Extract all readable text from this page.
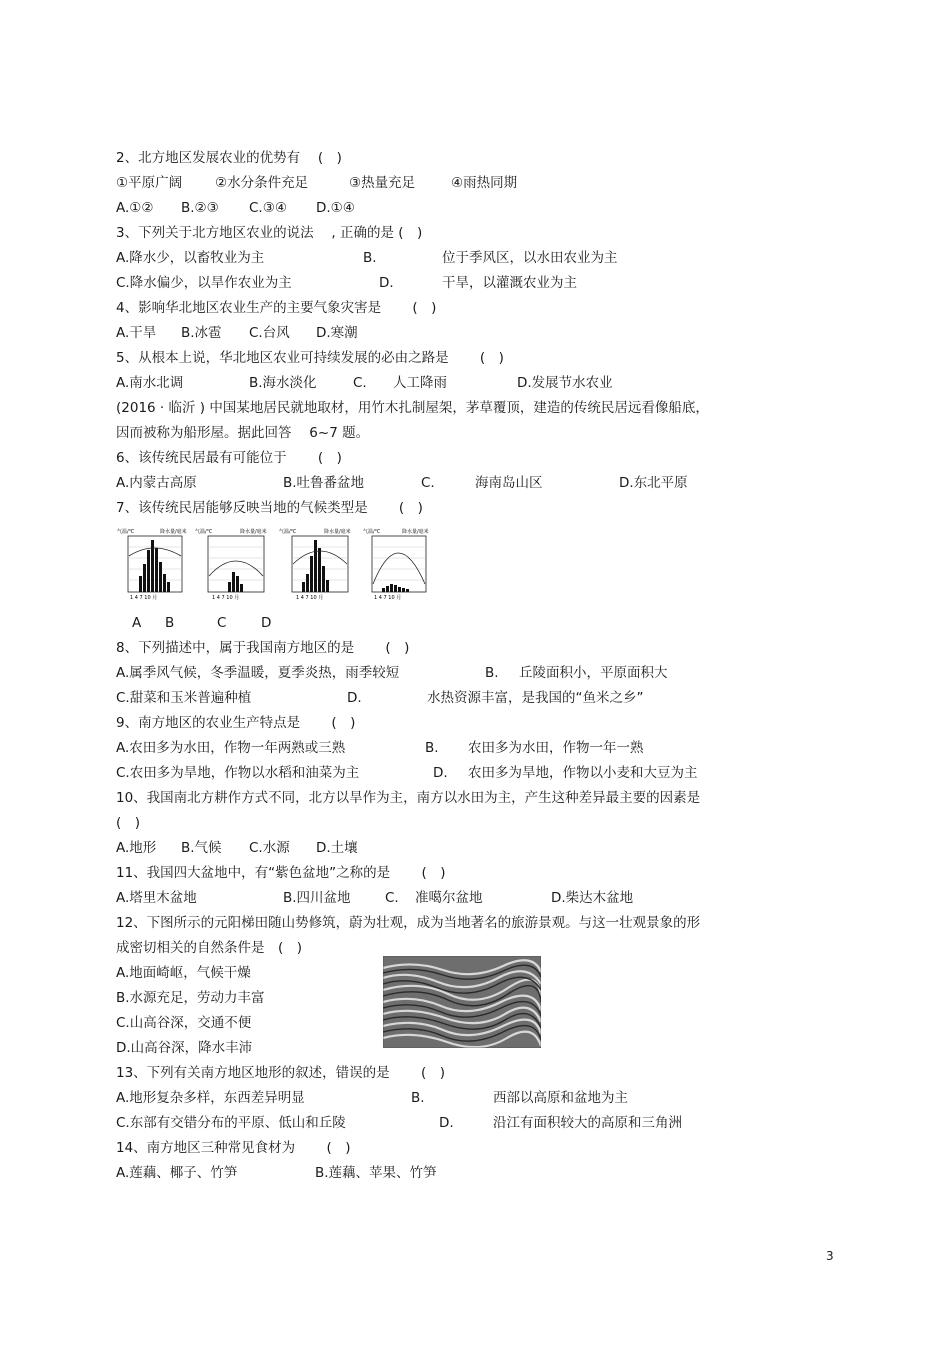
2、北方地区发展农业的优势有　 (　)
①平原广阔 ②水分条件充足	③热量充足	④雨热同期
A.①② B.②③ C.③④ D.①④
3、下列关于北方地区农业的说法　 , 正确的是 (　)
A.降水少，以畜牧业为主	B.	位于季风区，以水田农业为主
C.降水偏少，以旱作农业为主	D.	干旱，以灌溉农业为主
4、影响华北地区农业生产的主要气象灾害是　　 (　)
A.干旱 B.冰雹 C.台风 D.寒潮
5、从根本上说，华北地区农业可持续发展的必由之路是　　 (　)
A.南水北调	B.海水淡化	C. 人工降雨	D.发展节水农业
(2016 · 临沂 ) 中国某地居民就地取材，用竹木扎制屋架，茅草覆顶，建造的传统民居远看像船底，
因而被称为船形屋。据此回答　 6~7 题。
6、该传统民居最有可能位于　　 (　)
A.内蒙古高原	B.吐鲁番盆地	C.	海南岛山区	D.东北平原
7、该传统民居能够反映当地的气候类型是　　 (　)
气温/℃	降水量/毫米
1 4 7 10 月
气温/℃	降水量/毫米
1 4 7 10 月
气温/℃	降水量/毫米
1 4 7 10 月
气温/℃	降水量/毫米
1 4 7 10 月
A B	C	D
8、下列描述中，属于我国南方地区的是　　 (　)
A.属季风气候，冬季温暖，夏季炎热，雨季较短	B. 丘陵面积小，平原面积大
C.甜菜和玉米普遍种植	D.	水热资源丰富，是我国的“鱼米之乡”
9、南方地区的农业生产特点是　　 (　)
A.农田多为水田，作物一年两熟或三熟	B. 农田多为水田，作物一年一熟
C.农田多为旱地，作物以水稻和油菜为主	D. 农田多为旱地，作物以小麦和大豆为主
10、我国南北方耕作方式不同，北方以旱作为主，南方以水田为主，产生这种差异最主要的因素是
(　)
A.地形 B.气候 C.水源 D.土壤
11、我国四大盆地中，有“紫色盆地”之称的是　　 (　)
A.塔里木盆地	B.四川盆地	C. 准噶尔盆地	D.柴达木盆地
12、下图所示的元阳梯田随山势修筑，蔚为壮观，成为当地著名的旅游景观。与这一壮观景象的形
成密切相关的自然条件是　(　)
A.地面崎岖，气候干燥
B.水源充足，劳动力丰富
C.山高谷深，交通不便
D.山高谷深，降水丰沛
13、下列有关南方地区地形的叙述，错误的是　　 (　)
A.地形复杂多样，东西差异明显	B.	西部以高原和盆地为主
C.东部有交错分布的平原、低山和丘陵	D.	沿江有面积较大的高原和三角洲
14、南方地区三种常见食材为　　 (　)
A.莲藕、椰子、竹笋	B.莲藕、苹果、竹笋
3
